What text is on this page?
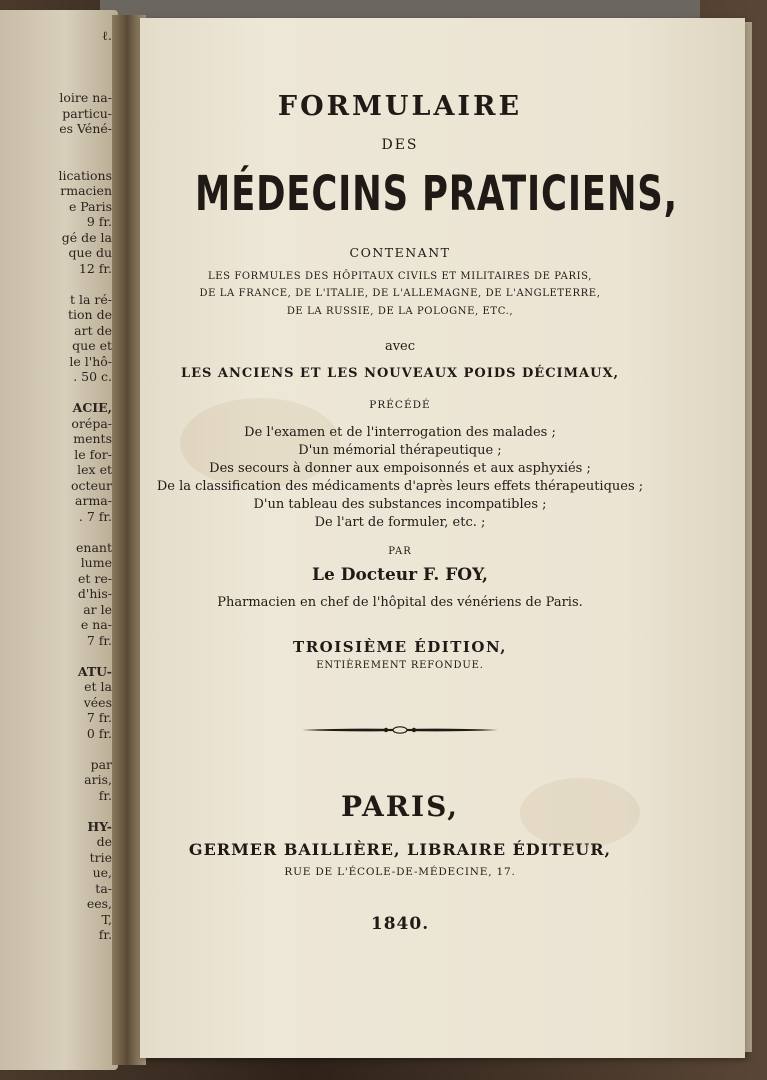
ℓ.
loire na-
particu-
es Véné-
lications
rmacien
e Paris
9 fr.
gé de la
que du
12 fr.
t la ré-
tion de
art de
que et
le l'hô-
. 50 c.
ACIE,
orépa-
ments
le for-
lex et
octeur
arma-
. 7 fr.
enant
lume
et re-
d'his-
ar le
e na-
7 fr.
ATU-
et la
vées
7 fr.
0 fr.
par
aris,
fr.
HY-
de
trie
ue,
ta-
ees,
T,
fr.
FORMULAIRE
DES
MÉDECINS PRATICIENS,
CONTENANT
LES FORMULES DES HÔPITAUX CIVILS ET MILITAIRES DE PARIS,
DE LA FRANCE, DE L'ITALIE, DE L'ALLEMAGNE, DE L'ANGLETERRE,
DE LA RUSSIE, DE LA POLOGNE, ETC.,
avec
LES ANCIENS ET LES NOUVEAUX POIDS DÉCIMAUX,
PRÉCÉDÉ
De l'examen et de l'interrogation des malades ;
D'un mémorial thérapeutique ;
Des secours à donner aux empoisonnés et aux asphyxiés ;
De la classification des médicaments d'après leurs effets thérapeutiques ;
D'un tableau des substances incompatibles ;
De l'art de formuler, etc. ;
PAR
Le Docteur F. FOY,
Pharmacien en chef de l'hôpital des vénériens de Paris.
TROISIÈME ÉDITION,
ENTIÈREMENT REFONDUE.
PARIS,
GERMER BAILLIÈRE, LIBRAIRE ÉDITEUR,
RUE DE L'ÉCOLE-DE-MÉDECINE, 17.
1840.
